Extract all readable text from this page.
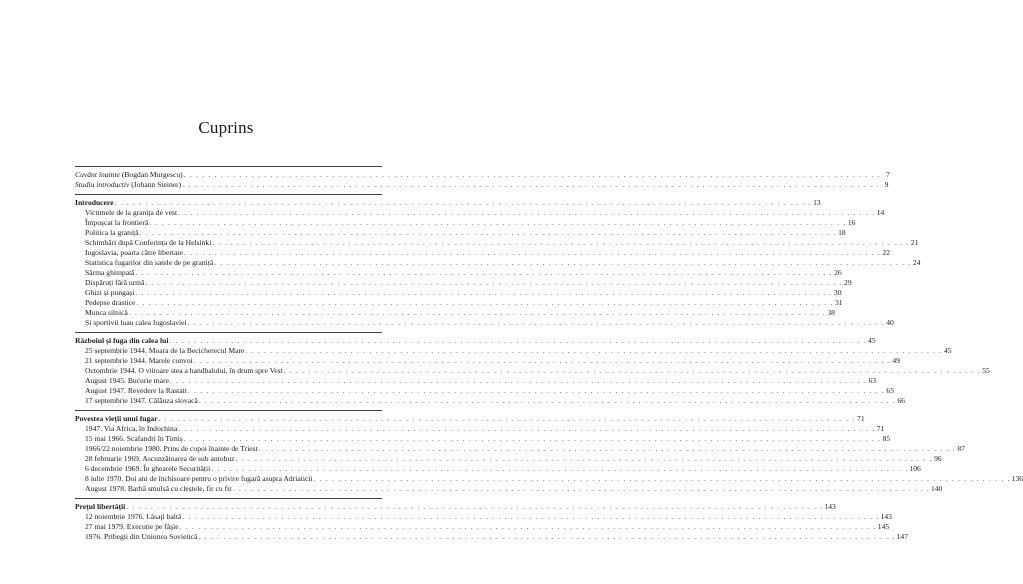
Cuprins
Cuvânt înainte (Bogdan Murgescu) . . . . . . . . . . . . . . . . . . . . . . . . . . . . . . . . . . . . . . . . . . . . . . . . . . . . . . . . . . . . . . . . . . . . . . . . . . . . . . . . . . . . . . . . . . . . . . . . . . . . . . . . . . . . . . . . . 7
Studiu introductiv (Johann Steiner) . . . . . . . . . . . . . . . . . . . . . . . . . . . . . . . . . . . . . . . . . . . . . . . . . . . . . . . . . . . . . . . . . . . . . . . . . . . . . . . . . . . . . . . . . . . . . . . . . . . . . . . . . . . . . . . . . 9
Introducere . . . . . . . . . . . . . . . . . . . . . . . . . . . . . . . . . . . . . . . . . . . . . . . . . . . . . . . . . . . . . . . . . . . . . . . . . . . . . . . . . . . . . . . . . . . . . . . . . . . . . . . . . . . . . . . . . 13
Victimele de la granița de vest . . . . . . . . . . . . . . . . . . . . . . . . . . . . . . . . . . . . . . . . . . . . . . . . . . . . . . . . . . . . . . . . . . . . . . . . . . . . . . . . . . . . . . . . . . . . . . . . . . . . . . . . . . . . . . . . . 14
Împușcat la frontieră . . . . . . . . . . . . . . . . . . . . . . . . . . . . . . . . . . . . . . . . . . . . . . . . . . . . . . . . . . . . . . . . . . . . . . . . . . . . . . . . . . . . . . . . . . . . . . . . . . . . . . . . . . . . . . . . . 16
Politica la graniță . . . . . . . . . . . . . . . . . . . . . . . . . . . . . . . . . . . . . . . . . . . . . . . . . . . . . . . . . . . . . . . . . . . . . . . . . . . . . . . . . . . . . . . . . . . . . . . . . . . . . . . . . . . . . . . . . 18
Schimbări după Conferința de la Helsinki . . . . . . . . . . . . . . . . . . . . . . . . . . . . . . . . . . . . . . . . . . . . . . . . . . . . . . . . . . . . . . . . . . . . . . . . . . . . . . . . . . . . . . . . . . . . . . . . . . . . . . . . . . . . . . . . . 21
Iugoslavia, poarta către libertate . . . . . . . . . . . . . . . . . . . . . . . . . . . . . . . . . . . . . . . . . . . . . . . . . . . . . . . . . . . . . . . . . . . . . . . . . . . . . . . . . . . . . . . . . . . . . . . . . . . . . . . . . . . . . . . . . 22
Statistica fugarilor din satele de pe graniță . . . . . . . . . . . . . . . . . . . . . . . . . . . . . . . . . . . . . . . . . . . . . . . . . . . . . . . . . . . . . . . . . . . . . . . . . . . . . . . . . . . . . . . . . . . . . . . . . . . . . . . . . . . . . . . . . 24
Sârma ghimpată . . . . . . . . . . . . . . . . . . . . . . . . . . . . . . . . . . . . . . . . . . . . . . . . . . . . . . . . . . . . . . . . . . . . . . . . . . . . . . . . . . . . . . . . . . . . . . . . . . . . . . . . . . . . . . . . . 26
Dispăruți fără urmă . . . . . . . . . . . . . . . . . . . . . . . . . . . . . . . . . . . . . . . . . . . . . . . . . . . . . . . . . . . . . . . . . . . . . . . . . . . . . . . . . . . . . . . . . . . . . . . . . . . . . . . . . . . . . . . . . 29
Ghizi și pungași . . . . . . . . . . . . . . . . . . . . . . . . . . . . . . . . . . . . . . . . . . . . . . . . . . . . . . . . . . . . . . . . . . . . . . . . . . . . . . . . . . . . . . . . . . . . . . . . . . . . . . . . . . . . . . . . . 30
Pedepse drastice . . . . . . . . . . . . . . . . . . . . . . . . . . . . . . . . . . . . . . . . . . . . . . . . . . . . . . . . . . . . . . . . . . . . . . . . . . . . . . . . . . . . . . . . . . . . . . . . . . . . . . . . . . . . . . . . . 31
Munca silnică . . . . . . . . . . . . . . . . . . . . . . . . . . . . . . . . . . . . . . . . . . . . . . . . . . . . . . . . . . . . . . . . . . . . . . . . . . . . . . . . . . . . . . . . . . . . . . . . . . . . . . . . . . . . . . . . . 38
Și sportivii luau calea Iugoslaviei . . . . . . . . . . . . . . . . . . . . . . . . . . . . . . . . . . . . . . . . . . . . . . . . . . . . . . . . . . . . . . . . . . . . . . . . . . . . . . . . . . . . . . . . . . . . . . . . . . . . . . . . . . . . . . . . . 40
Războiul și fuga din calea lui . . . . . . . . . . . . . . . . . . . . . . . . . . . . . . . . . . . . . . . . . . . . . . . . . . . . . . . . . . . . . . . . . . . . . . . . . . . . . . . . . . . . . . . . . . . . . . . . . . . . . . . . . . . . . . . . . 45
25 septembrie 1944. Moara de la Becicherecul Mare . . . . . . . . . . . . . . . . . . . . . . . . . . . . . . . . . . . . . . . . . . . . . . . . . . . . . . . . . . . . . . . . . . . . . . . . . . . . . . . . . . . . . . . . . . . . . . . . . . . . . . . . . . . . . . . . . 45
21 septembrie 1944. Marele convoi . . . . . . . . . . . . . . . . . . . . . . . . . . . . . . . . . . . . . . . . . . . . . . . . . . . . . . . . . . . . . . . . . . . . . . . . . . . . . . . . . . . . . . . . . . . . . . . . . . . . . . . . . . . . . . . . . 49
Octombrie 1944. O viitoare stea a handbalului, în drum spre Vest . . . . . . . . . . . . . . . . . . . . . . . . . . . . . . . . . . . . . . . . . . . . . . . . . . . . . . . . . . . . . . . . . . . . . . . . . . . . . . . . . . . . . . . . . . . . . . . . . . . . . . . . . . . . . . . . . 55
August 1945. Bucurie mare . . . . . . . . . . . . . . . . . . . . . . . . . . . . . . . . . . . . . . . . . . . . . . . . . . . . . . . . . . . . . . . . . . . . . . . . . . . . . . . . . . . . . . . . . . . . . . . . . . . . . . . . . . . . . . . . . 63
August 1947. Revedere la Rastatt . . . . . . . . . . . . . . . . . . . . . . . . . . . . . . . . . . . . . . . . . . . . . . . . . . . . . . . . . . . . . . . . . . . . . . . . . . . . . . . . . . . . . . . . . . . . . . . . . . . . . . . . . . . . . . . . . 65
17 septembrie 1947. Călăuza slovacă . . . . . . . . . . . . . . . . . . . . . . . . . . . . . . . . . . . . . . . . . . . . . . . . . . . . . . . . . . . . . . . . . . . . . . . . . . . . . . . . . . . . . . . . . . . . . . . . . . . . . . . . . . . . . . . . . 66
Povestea vieții unui fugar . . . . . . . . . . . . . . . . . . . . . . . . . . . . . . . . . . . . . . . . . . . . . . . . . . . . . . . . . . . . . . . . . . . . . . . . . . . . . . . . . . . . . . . . . . . . . . . . . . . . . . . . . . . . . . . . . 71
1947. Via Africa, în Indochina . . . . . . . . . . . . . . . . . . . . . . . . . . . . . . . . . . . . . . . . . . . . . . . . . . . . . . . . . . . . . . . . . . . . . . . . . . . . . . . . . . . . . . . . . . . . . . . . . . . . . . . . . . . . . . . . . 71
15 mai 1966. Scafandri în Timiș . . . . . . . . . . . . . . . . . . . . . . . . . . . . . . . . . . . . . . . . . . . . . . . . . . . . . . . . . . . . . . . . . . . . . . . . . . . . . . . . . . . . . . . . . . . . . . . . . . . . . . . . . . . . . . . . . 85
1966/22 noiembrie 1980. Prins de copoi înainte de Triest . . . . . . . . . . . . . . . . . . . . . . . . . . . . . . . . . . . . . . . . . . . . . . . . . . . . . . . . . . . . . . . . . . . . . . . . . . . . . . . . . . . . . . . . . . . . . . . . . . . . . . . . . . . . . . . . . 87
28 februarie 1969. Ascunzătoarea de sub autobuz . . . . . . . . . . . . . . . . . . . . . . . . . . . . . . . . . . . . . . . . . . . . . . . . . . . . . . . . . . . . . . . . . . . . . . . . . . . . . . . . . . . . . . . . . . . . . . . . . . . . . . . . . . . . . . . . . 96
6 decembrie 1969. În ghearele Securității . . . . . . . . . . . . . . . . . . . . . . . . . . . . . . . . . . . . . . . . . . . . . . . . . . . . . . . . . . . . . . . . . . . . . . . . . . . . . . . . . . . . . . . . . . . . . . . . . . . . . . . . . . . . . . . . . 106
8 iulie 1970. Doi ani de închisoare pentru o privire fugară asupra Adriaticii . . . . . . . . . . . . . . . . . . . . . . . . . . . . . . . . . . . . . . . . . . . . . . . . . . . . . . . . . . . . . . . . . . . . . . . . . . . . . . . . . . . . . . . . . . . . . . . . . . . . . . . . . . . . . . . . . 136
August 1978. Barbă smulsă cu cleștele, fir cu fir . . . . . . . . . . . . . . . . . . . . . . . . . . . . . . . . . . . . . . . . . . . . . . . . . . . . . . . . . . . . . . . . . . . . . . . . . . . . . . . . . . . . . . . . . . . . . . . . . . . . . . . . . . . . . . . . . 140
Prețul libertății . . . . . . . . . . . . . . . . . . . . . . . . . . . . . . . . . . . . . . . . . . . . . . . . . . . . . . . . . . . . . . . . . . . . . . . . . . . . . . . . . . . . . . . . . . . . . . . . . . . . . . . . . . . . . . . . . 143
12 noiembrie 1976. Lăsați baltă . . . . . . . . . . . . . . . . . . . . . . . . . . . . . . . . . . . . . . . . . . . . . . . . . . . . . . . . . . . . . . . . . . . . . . . . . . . . . . . . . . . . . . . . . . . . . . . . . . . . . . . . . . . . . . . . . 143
27 mai 1979. Execuție pe fâșie . . . . . . . . . . . . . . . . . . . . . . . . . . . . . . . . . . . . . . . . . . . . . . . . . . . . . . . . . . . . . . . . . . . . . . . . . . . . . . . . . . . . . . . . . . . . . . . . . . . . . . . . . . . . . . . . . 145
1976. Pribegii din Uniunea Sovietică . . . . . . . . . . . . . . . . . . . . . . . . . . . . . . . . . . . . . . . . . . . . . . . . . . . . . . . . . . . . . . . . . . . . . . . . . . . . . . . . . . . . . . . . . . . . . . . . . . . . . . . . . . . . . . . . . 147
